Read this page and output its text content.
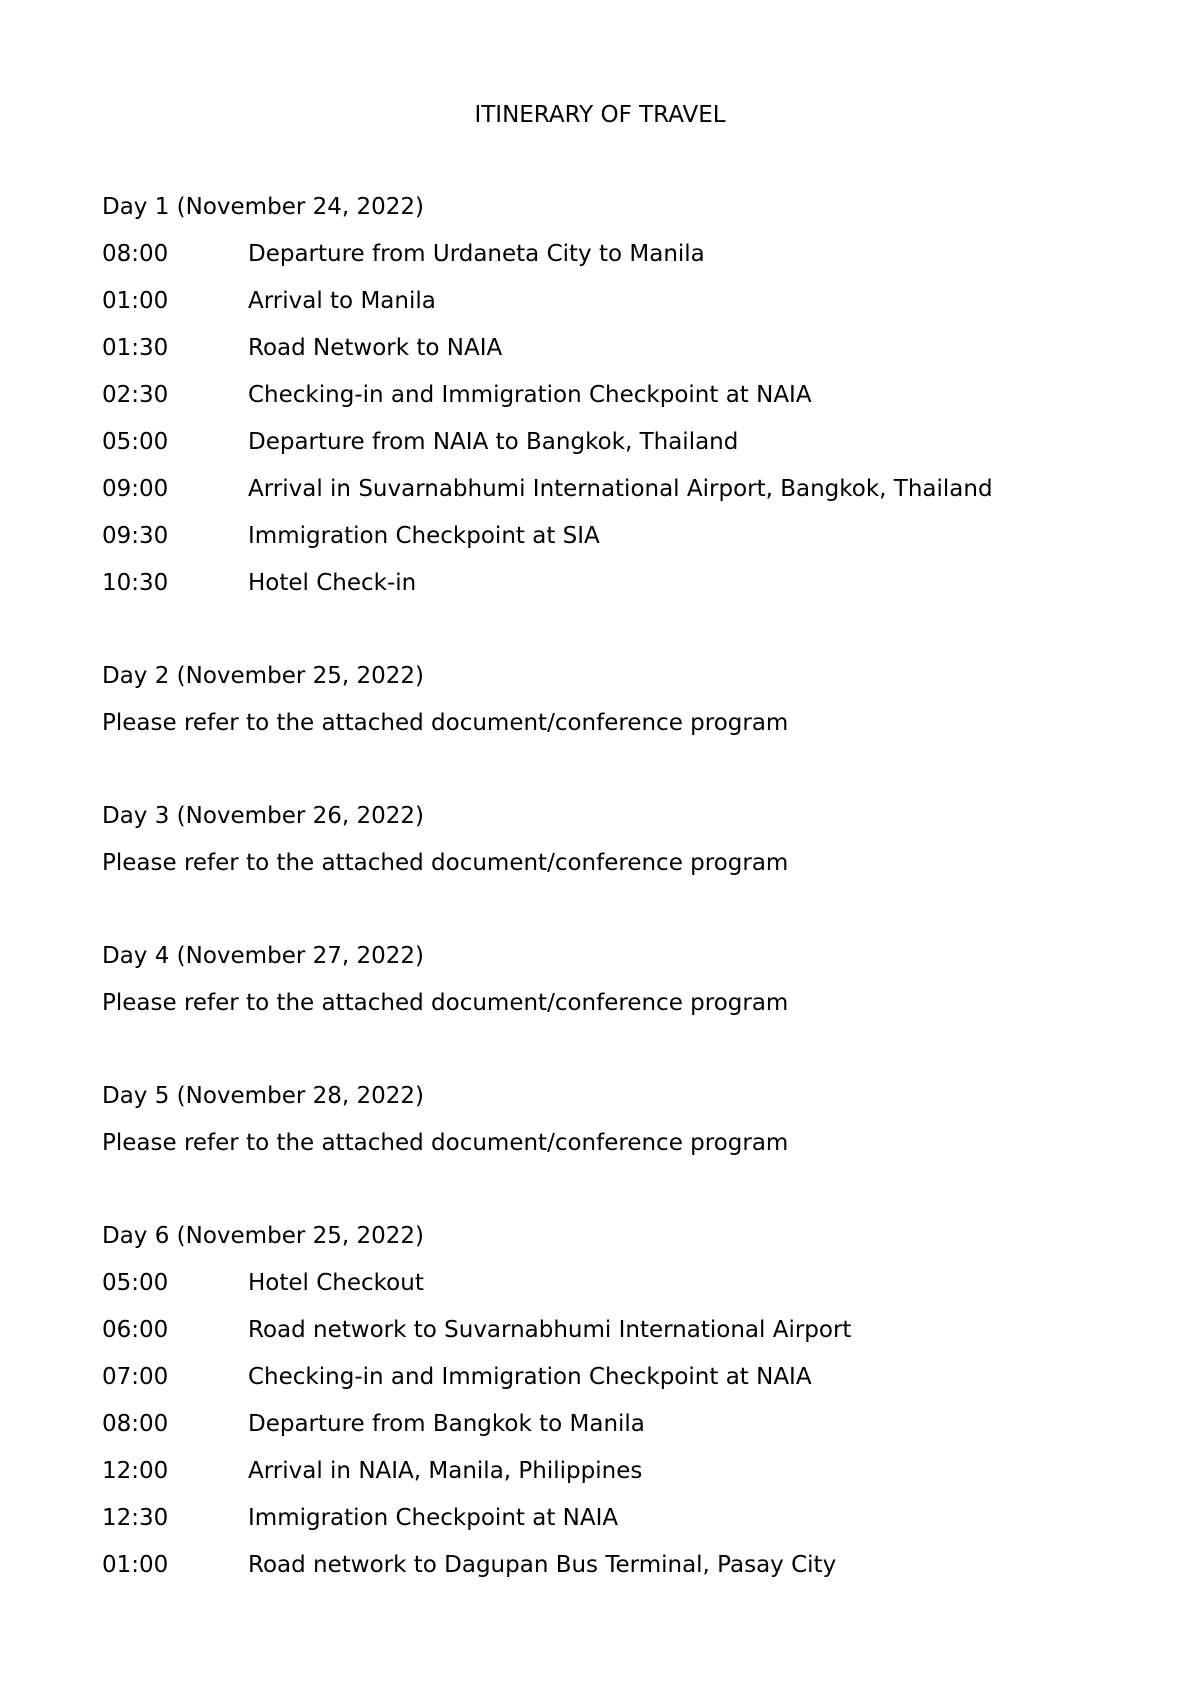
ITINERARY OF TRAVEL
Day 1 (November 24, 2022)
08:00	Departure from Urdaneta City to Manila
01:00	Arrival to Manila
01:30	Road Network to NAIA
02:30	Checking-in and Immigration Checkpoint at NAIA
05:00	Departure from NAIA to Bangkok, Thailand
09:00	Arrival in Suvarnabhumi International Airport, Bangkok, Thailand
09:30	Immigration Checkpoint at SIA
10:30	Hotel Check-in
Day 2 (November 25, 2022)
Please refer to the attached document/conference program
Day 3 (November 26, 2022)
Please refer to the attached document/conference program
Day 4 (November 27, 2022)
Please refer to the attached document/conference program
Day 5 (November 28, 2022)
Please refer to the attached document/conference program
Day 6 (November 25, 2022)
05:00	Hotel Checkout
06:00	Road network to Suvarnabhumi International Airport
07:00	Checking-in and Immigration Checkpoint at NAIA
08:00	Departure from Bangkok to Manila
12:00	Arrival in NAIA, Manila, Philippines
12:30	Immigration Checkpoint at NAIA
01:00	Road network to Dagupan Bus Terminal, Pasay City
